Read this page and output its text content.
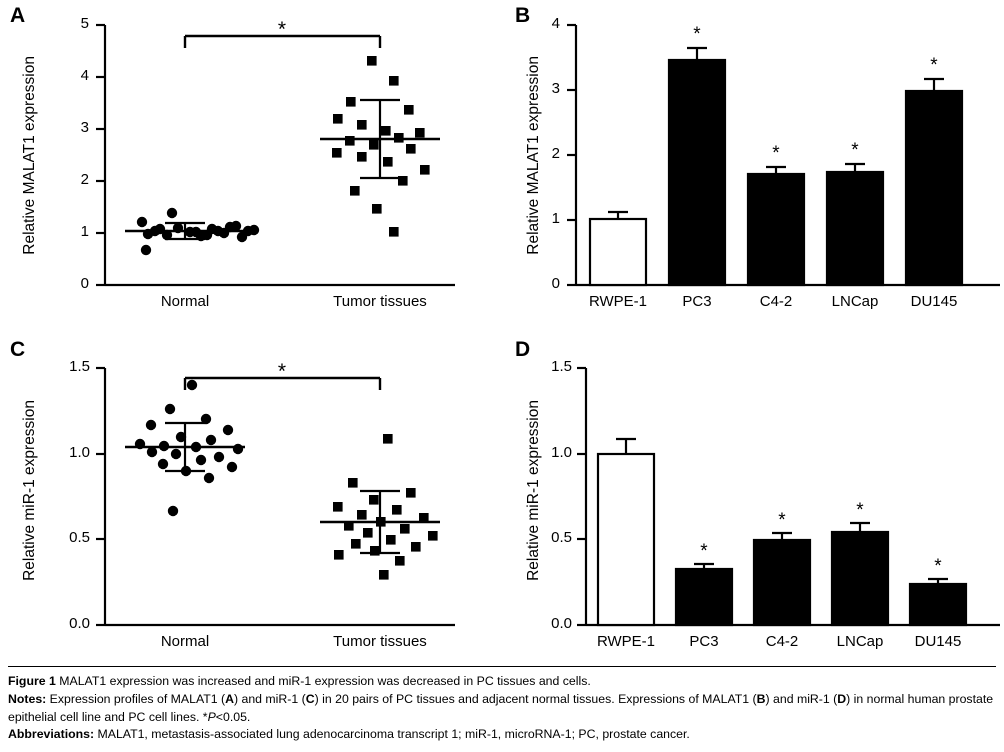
A
Relative MALAT1 expression
*
0
1
2
3
4
5
Normal	Tumor tissues
B
Relative MALAT1 expression
*
*	*
*
0
1
2
3
4
RWPE-1	PC3	C4-2	LNCap	DU145
C
Relative miR-1 expression
*
0.0
0.5
1.0
1.5
Normal	Tumor tissues
D
Relative miR-1 expression	*
*	*
*
0.0
0.5
1.0
1.5
RWPE-1	PC3	C4-2	LNCap	DU145
Figure 1 MALAT1 expression was increased and miR-1 expression was decreased in PC tissues and cells.
Notes: Expression profiles of MALAT1 (A) and miR-1 (C) in 20 pairs of PC tissues and adjacent normal tissues. Expressions of MALAT1 (B) and miR-1 (D) in normal human prostate epithelial cell line and PC cell lines. *P<0.05.
Abbreviations: MALAT1, metastasis-associated lung adenocarcinoma transcript 1; miR-1, microRNA-1; PC, prostate cancer.
